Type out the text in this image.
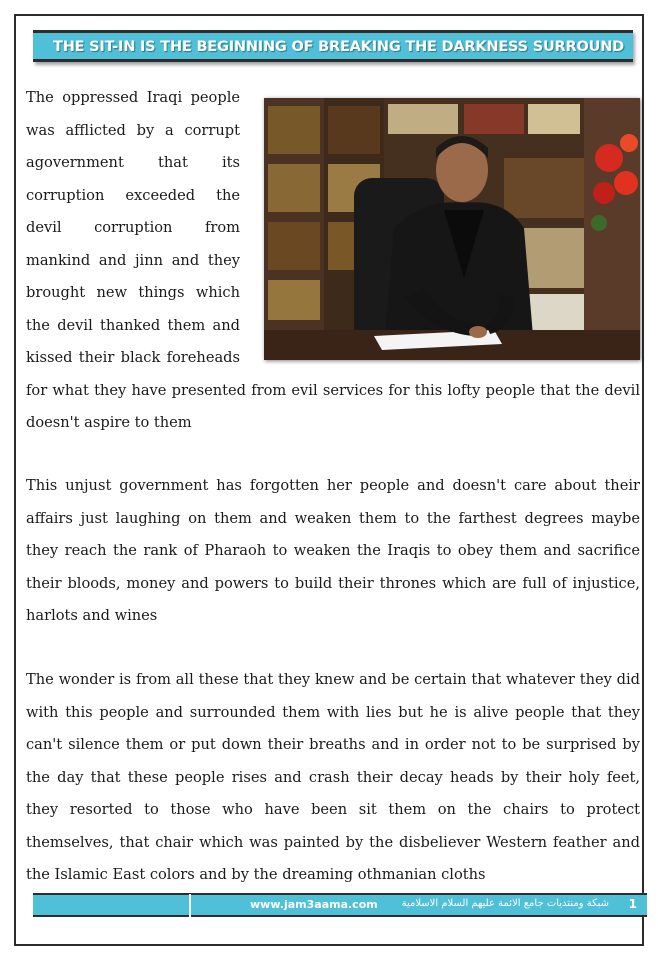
THE SIT-IN IS THE BEGINNING OF BREAKING THE DARKNESS SURROUND

The oppressed Iraqi people was afflicted by a corrupt agovernment that its corruption exceeded the devil corruption from mankind and jinn and they brought new things which the devil thanked them and kissed their black foreheads for what they have presented from evil services for this lofty people that the devil doesn't aspire to them

This unjust government has forgotten her people and doesn't care about their affairs just laughing on them and weaken them to the farthest degrees maybe they reach the rank of Pharaoh to weaken the Iraqis to obey them and sacrifice their bloods, money and powers to build their thrones which are full of injustice, harlots and wines

The wonder is from all these that they knew and be certain that whatever they did with this people and surrounded them with lies but he is alive people that they can't silence them or put down their breaths and in order not to be surprised by the day that these people rises and crash their decay heads by their holy feet, they resorted to those who have been sit them on the chairs to protect themselves, that chair which was painted by the disbeliever Western feather and the Islamic East colors and by the dreaming othmanian cloths

www.jam3aama.com شبكة ومنتديات جامع الائمة عليهم السلام الاسلامية 1
